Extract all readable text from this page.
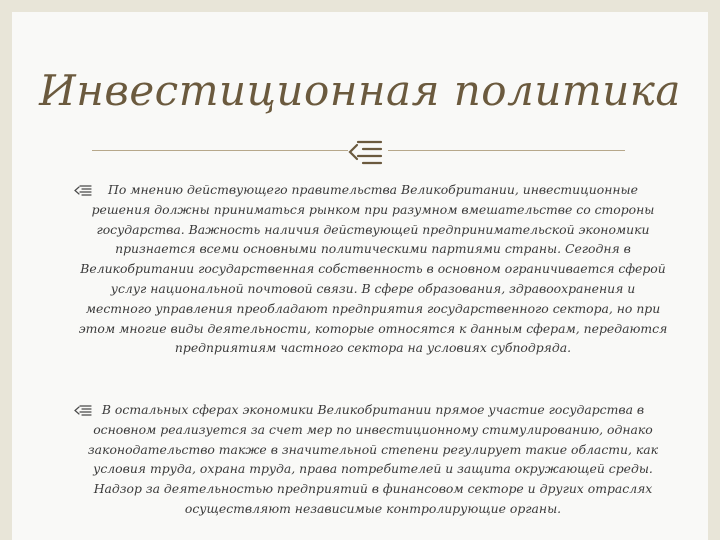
Инвестиционная политика
По мнению действующего правительства Великобритании, инвестиционные решения должны приниматься рынком при разумном вмешательстве со стороны государства. Важность наличия действующей предпринимательской экономики признается всеми основными политическими партиями страны. Сегодня в Великобритании государственная собственность в основном ограничивается сферой услуг национальной почтовой связи. В сфере образования, здравоохранения и местного управления преобладают предприятия государственного сектора, но при этом многие виды деятельности, которые относятся к данным сферам, передаются предприятиям частного сектора на условиях субподряда.
В остальных сферах экономики Великобритании прямое участие государства в основном реализуется за счет мер по инвестиционному стимулированию, однако законодательство также в значительной степени регулирует такие области, как условия труда, охрана труда, права потребителей и защита окружающей среды. Надзор за деятельностью предприятий в финансовом секторе и других отраслях осуществляют независимые контролирующие органы.
